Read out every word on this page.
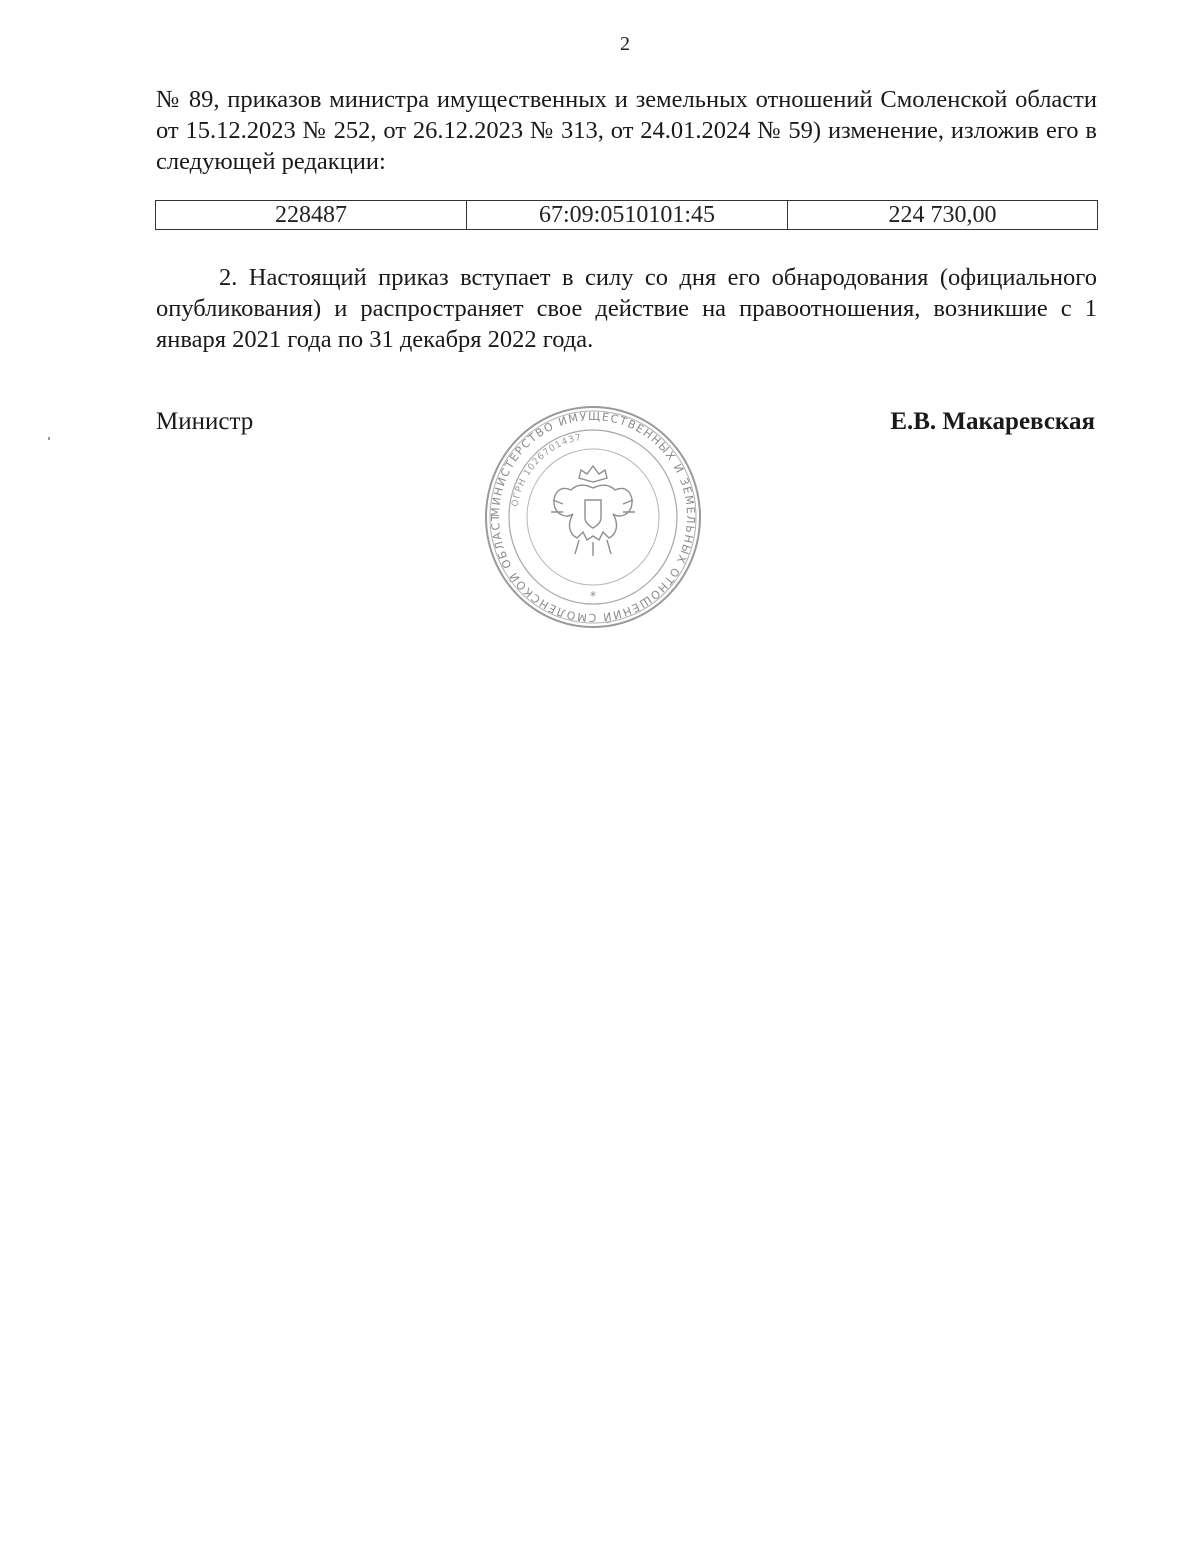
2
№ 89, приказов министра имущественных и земельных отношений Смоленской области от 15.12.2023 № 252, от 26.12.2023 № 313, от 24.01.2024 № 59) изменение, изложив его в следующей редакции:
228487	67:09:0510101:45	224 730,00
2. Настоящий приказ вступает в силу со дня его обнародования (официального опубликования) и распространяет свое действие на правоотношения, возникшие с 1 января 2021 года по 31 декабря 2022 года.
Министр	Е.В. Макаревская
МИНИСТЕРСТВО ИМУЩЕСТВЕННЫХ И ЗЕМЕЛЬНЫХ ОТНОШЕНИЙ СМОЛЕНСКОЙ ОБЛАСТ
ОГРН 1026701437
*
